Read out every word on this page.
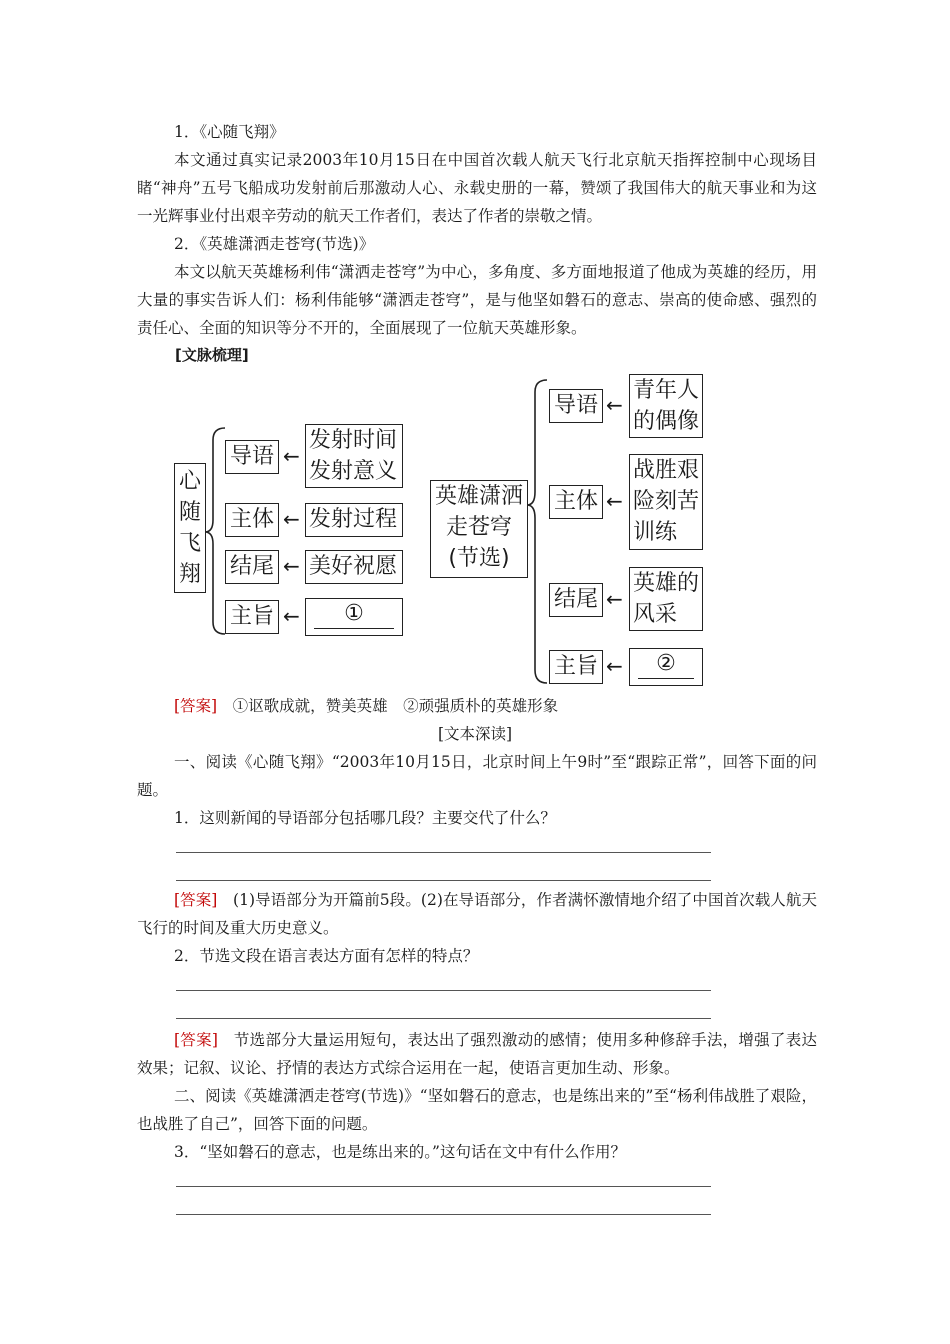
1．《心随飞翔》
本文通过真实记录2003年10月15日在中国首次载人航天飞行北京航天指挥控制中心现场目睹“神舟”五号飞船成功发射前后那激动人心、永载史册的一幕，赞颂了我国伟大的航天事业和为这一光辉事业付出艰辛劳动的航天工作者们，表达了作者的崇敬之情。
2．《英雄潇洒走苍穹(节选)》
本文以航天英雄杨利伟“潇洒走苍穹”为中心，多角度、多方面地报道了他成为英雄的经历，用大量的事实告诉人们：杨利伟能够“潇洒走苍穹”，是与他坚如磐石的意志、崇高的使命感、强烈的责任心、全面的知识等分不开的，全面展现了一位航天英雄形象。
[文脉梳理]
心
随
飞
翔
导语 ←
发射时间
发射意义
主体 ← 发射过程
结尾 ← 美好祝愿
主旨 ←	①
英雄潇洒
走苍穹
(节选)
导语 ←
青年人
的偶像
主体 ←
战胜艰
险刻苦
训练
结尾 ←
英雄的
风采
主旨 ←	②
[答案]　 ①讴歌成就，赞美英雄　②顽强质朴的英雄形象
[文本深读]
一、阅读《心随飞翔》“2003年10月15日，北京时间上午9时”至“跟踪正常”，回答下面的问题。
1．这则新闻的导语部分包括哪几段？主要交代了什么？
[答案]　 (1)导语部分为开篇前5段。(2)在导语部分，作者满怀激情地介绍了中国首次载人航天飞行的时间及重大历史意义。
2．节选文段在语言表达方面有怎样的特点？
[答案]　 节选部分大量运用短句，表达出了强烈激动的感情；使用多种修辞手法，增强了表达效果；记叙、议论、抒情的表达方式综合运用在一起，使语言更加生动、形象。
二、阅读《英雄潇洒走苍穹(节选)》“坚如磐石的意志，也是练出来的”至“杨利伟战胜了艰险，也战胜了自己”，回答下面的问题。
3．“坚如磐石的意志，也是练出来的。”这句话在文中有什么作用？
